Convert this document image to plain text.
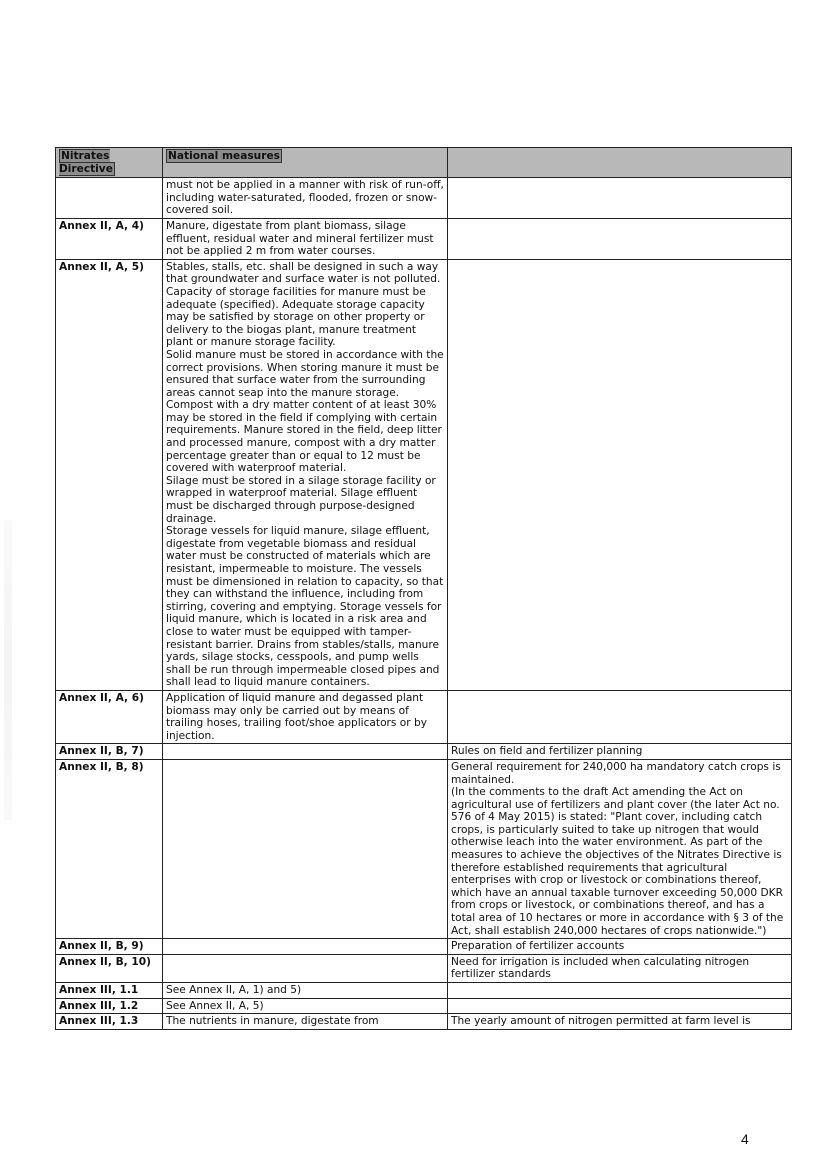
Nitrates Directive	National measures	
	must not be applied in a manner with risk of run-off, including water-saturated, flooded, frozen or snow-covered soil.	
Annex II, A, 4)	Manure, digestate from plant biomass, silage effluent, residual water and mineral fertilizer must not be applied 2 m from water courses.	
Annex II, A, 5)	Stables, stalls, etc. shall be designed in such a way that groundwater and surface water is not polluted.
Capacity of storage facilities for manure must be adequate (specified). Adequate storage capacity may be satisfied by storage on other property or delivery to the biogas plant, manure treatment plant or manure storage facility.
Solid manure must be stored in accordance with the correct provisions. When storing manure it must be ensured that surface water from the surrounding areas cannot seap into the manure storage. Compost with a dry matter content of at least 30% may be stored in the field if complying with certain requirements. Manure stored in the field, deep litter and processed manure, compost with a dry matter percentage greater than or equal to 12 must be covered with waterproof material.
Silage must be stored in a silage storage facility or wrapped in waterproof material. Silage effluent must be discharged through purpose-designed drainage.
Storage vessels for liquid manure, silage effluent, digestate from vegetable biomass and residual water must be constructed of materials which are resistant, impermeable to moisture. The vessels must be dimensioned in relation to capacity, so that they can withstand the influence, including from stirring, covering and emptying. Storage vessels for liquid manure, which is located in a risk area and close to water must be equipped with tamper-resistant barrier. Drains from stables/stalls, manure yards, silage stocks, cesspools, and pump wells shall be run through impermeable closed pipes and shall lead to liquid manure containers.	
Annex II, A, 6)	Application of liquid manure and degassed plant biomass may only be carried out by means of trailing hoses, trailing foot/shoe applicators or by injection.	
Annex II, B, 7)		Rules on field and fertilizer planning
Annex II, B, 8)		General requirement for 240,000 ha mandatory catch crops is maintained.
(In the comments to the draft Act amending the Act on agricultural use of fertilizers and plant cover (the later Act no. 576 of 4 May 2015) is stated: "Plant cover, including catch crops, is particularly suited to take up nitrogen that would otherwise leach into the water environment. As part of the measures to achieve the objectives of the Nitrates Directive is therefore established requirements that agricultural enterprises with crop or livestock or combinations thereof, which have an annual taxable turnover exceeding 50,000 DKR from crops or livestock, or combinations thereof, and has a total area of 10 hectares or more in accordance with § 3 of the Act, shall establish 240,000 hectares of crops nationwide.")
Annex II, B, 9)		Preparation of fertilizer accounts
Annex II, B, 10)		Need for irrigation is included when calculating nitrogen fertilizer standards
Annex III, 1.1	See Annex II, A, 1) and 5)	
Annex III, 1.2	See Annex II, A, 5)	
Annex III, 1.3	The nutrients in manure, digestate from	The yearly amount of nitrogen permitted at farm level is
4
